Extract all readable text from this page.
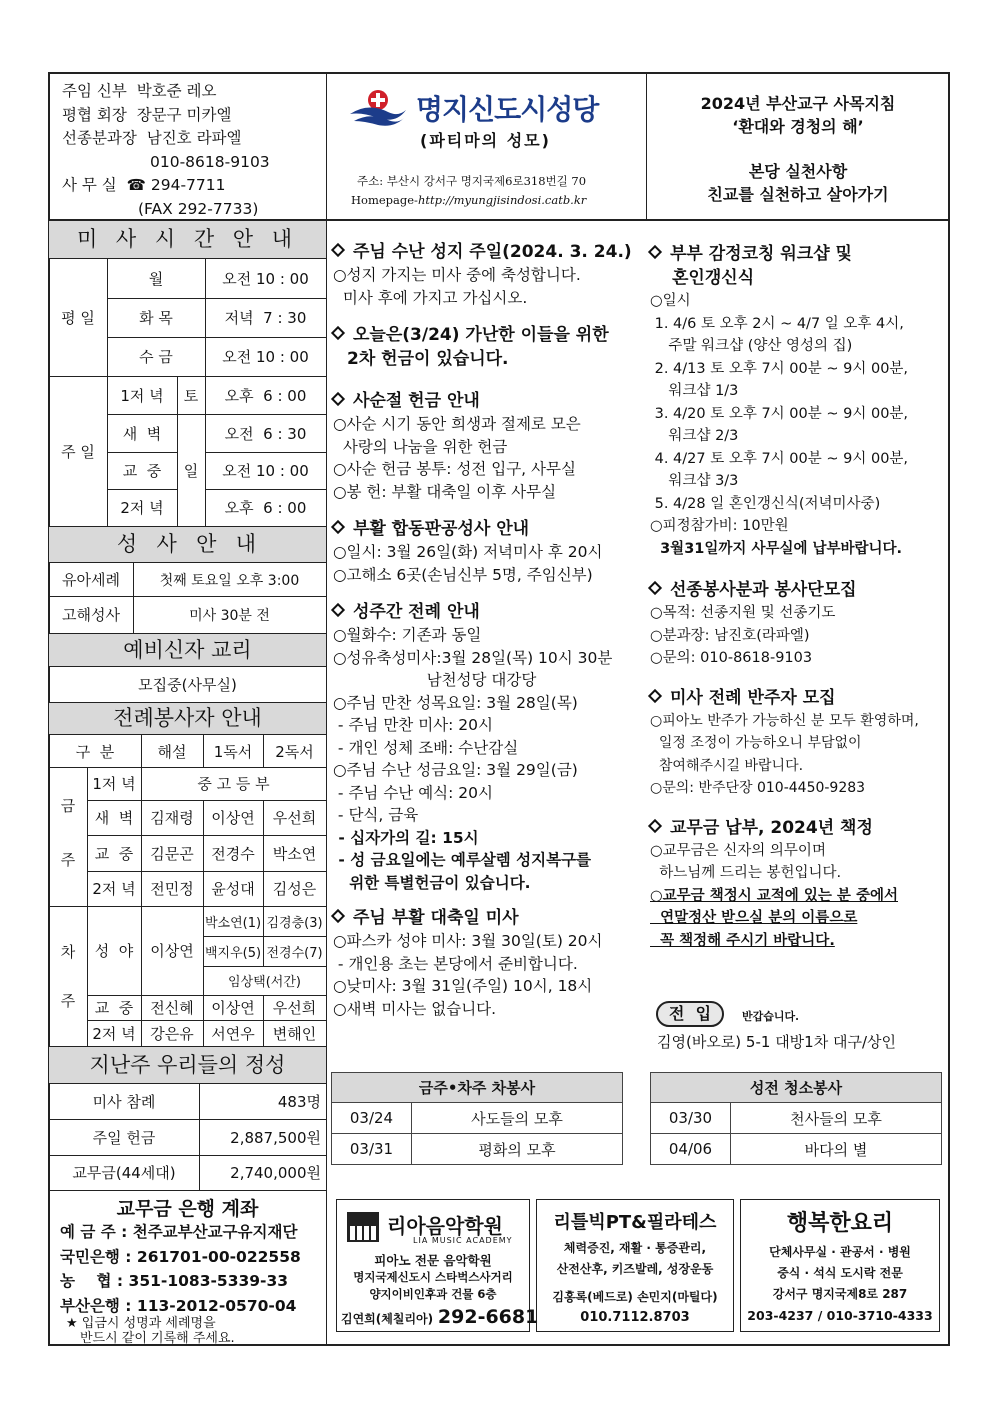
주임 신부 박호준 레오
평협 회장 장문구 미카엘
선종분과장 남진호 라파엘
010-8618-9103
사 무 실 ☎ 294-7711
(FAX 292-7733)
명지신도시성당
(파티마의 성모)
주소: 부산시 강서구 명지국제6로318번길 70
Homepage-http://myungjisindosi.catb.kr
2024년 부산교구 사목지침
‘환대와 경청의 해’
본당 실천사항
친교를 실천하고 살아가기
미 사 시 간 안 내
평 일
주 일
월	오전 10 : 00
화 목	저녁  7 : 30
수 금	오전 10 : 00
1저 녁	토	오후  6 : 00
새  벽	오전  6 : 30
교  중	일	오전 10 : 00
2저 녁	오후  6 : 00
성  사  안  내
유아세례	첫째 토요일 오후 3:00
고해성사	미사 30분 전
예비신자 교리
모집중(사무실)
전례봉사자 안내
구  분	해설	1독서	2독서
금
주
1저 녁	중 고 등 부
새  벽	김재령	이상연	우선희
교  중	김문곤	전경수	박소연
2저 녁 전민정	윤성대	김성은
차
주
성  야	이상연
박소연(1) 김경충(3)
백지우(5) 전경수(7)
임상택(서간)
교  중	전신혜	이상연	우선희
2저 녁 강은유	서연우	변해인
지난주 우리들의 정성
미사 참례	483명
주일 헌금	2,887,500원
교무금(44세대)	2,740,000원
교무금 은행 계좌
예 금 주 : 천주교부산교구유지재단
국민은행 : 261701-00-022558
농    협 : 351-1083-5339-33
부산은행 : 113-2012-0570-04
★ 입금시 성명과 세례명을
반드시 같이 기록해 주세요.
주님 수난 성지 주일(2024. 3. 24.)
○성지 가지는 미사 중에 축성합니다.
미사 후에 가지고 가십시오.
오늘은(3/24) 가난한 이들을 위한
2차 헌금이 있습니다.
사순절 헌금 안내
○사순 시기 동안 희생과 절제로 모은
사랑의 나눔을 위한 헌금
○사순 헌금 봉투: 성전 입구, 사무실
○봉 헌: 부활 대축일 이후 사무실
부활 합동판공성사 안내
○일시: 3월 26일(화) 저녁미사 후 20시
○고해소 6곳(손님신부 5명, 주임신부)
성주간 전례 안내
○월화수: 기존과 동일
○성유축성미사:3월 28일(목) 10시 30분
남천성당 대강당
○주님 만찬 성목요일: 3월 28일(목)
- 주님 만찬 미사: 20시
- 개인 성체 조배: 수난감실
○주님 수난 성금요일: 3월 29일(금)
- 주님 수난 예식: 20시
- 단식, 금육
- 십자가의 길: 15시
- 성 금요일에는 예루살렘 성지복구를
위한 특별헌금이 있습니다.
주님 부활 대축일 미사
○파스카 성야 미사: 3월 30일(토) 20시
- 개인용 초는 본당에서 준비합니다.
○낮미사: 3월 31일(주일) 10시, 18시
○새벽 미사는 없습니다.
부부 감정코칭 워크샵 및
혼인갱신식
○일시
1. 4/6 토 오후 2시 ~ 4/7 일 오후 4시,
주말 워크샵 (양산 영성의 집)
2. 4/13 토 오후 7시 00분 ~ 9시 00분,
워크샵 1/3
3. 4/20 토 오후 7시 00분 ~ 9시 00분,
워크샵 2/3
4. 4/27 토 오후 7시 00분 ~ 9시 00분,
워크샵 3/3
5. 4/28 일 혼인갱신식(저녁미사중)
○피정참가비: 10만원
3월31일까지 사무실에 납부바랍니다.
선종봉사분과 봉사단모집
○목적: 선종지원 및 선종기도
○분과장: 남진호(라파엘)
○문의: 010-8618-9103
미사 전례 반주자 모집
○피아노 반주가 가능하신 분 모두 환영하며,
일정 조정이 가능하오니 부담없이
참여해주시길 바랍니다.
○문의: 반주단장 010-4450-9283
교무금 납부, 2024년 책정
○교무금은 신자의 의무이며
하느님께 드리는 봉헌입니다.
○교무금 책정시 교적에 있는 분 중에서
연말정산 받으실 분의 이름으로
꼭 책정해 주시기 바랍니다.
전  입	반갑습니다.
김영(바오로) 5-1 대방1차 대구/상인
금주•차주 차봉사	
03/24	사도들의 모후
03/31	평화의 모후
성전 청소봉사	
03/30	천사들의 모후
04/06	바다의 별
리아음악학원
LIA MUSIC ACADEMY
피아노 전문 음악학원
명지국제신도시 스타벅스사거리
양지이비인후과 건물 6층
김연희(체칠리아) 292-6681
리틀빅PT&필라테스
체력증진, 재활 · 통증관리,
산전산후, 키즈발레, 성장운동
김홍록(베드로) 손민지(마틸다)
010.7112.8703
행복한요리
단체사무실 · 관공서 · 병원
중식 · 석식 도시락 전문
강서구 명지국제8로 287
203-4237 / 010-3710-4333
